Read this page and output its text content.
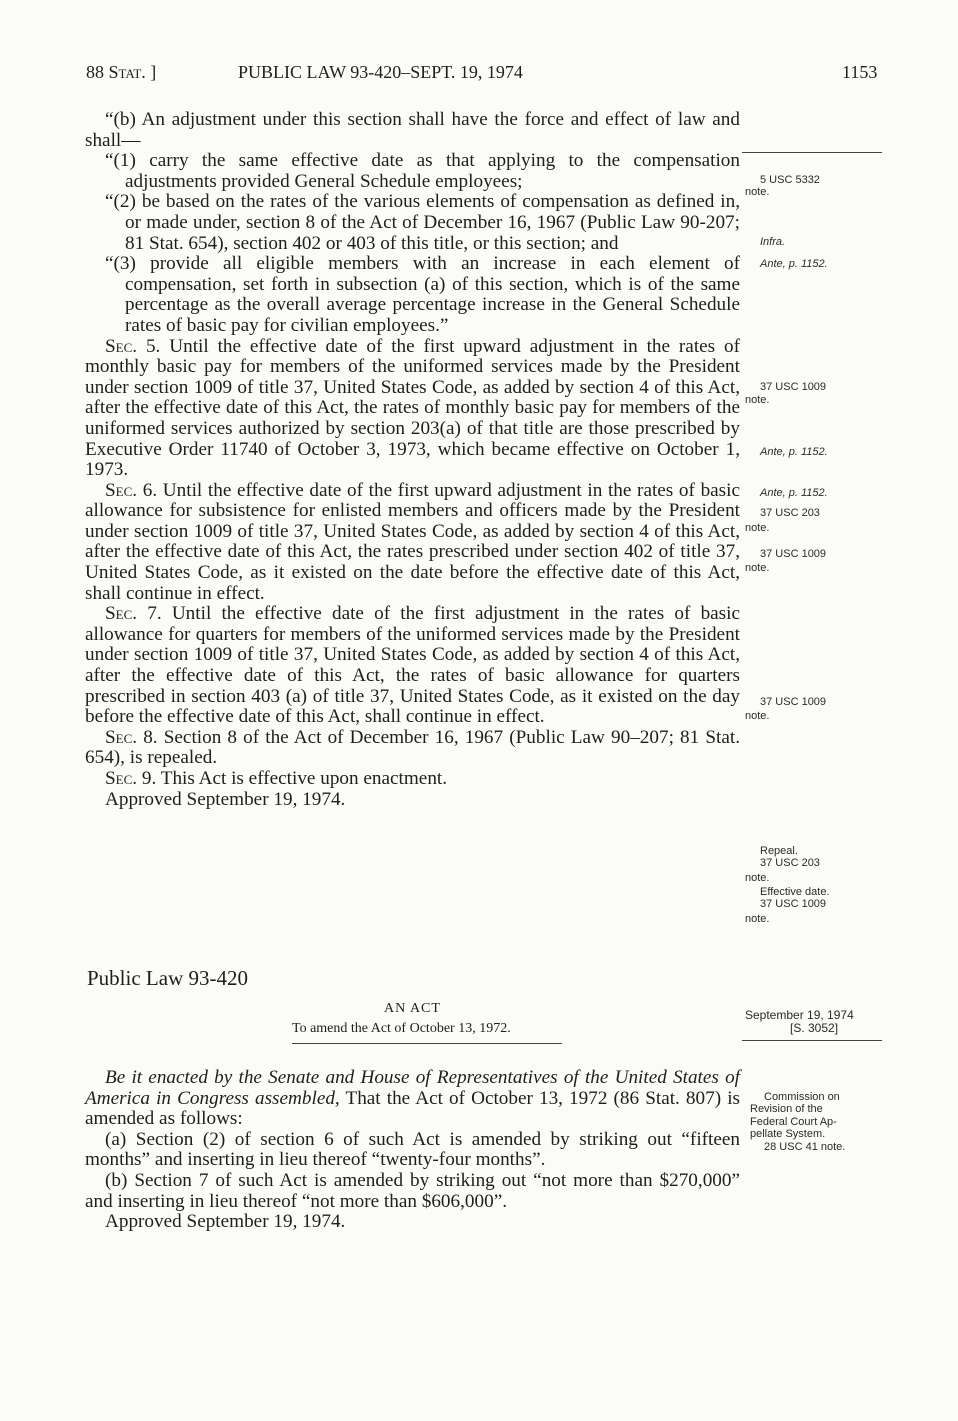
88 Stat. ]	PUBLIC LAW 93-420–SEPT. 19, 1974	1153

“(b) An adjustment under this section shall have the force and effect of law and shall—

“(1) carry the same effective date as that applying to the compensation adjustments provided General Schedule employees;

“(2) be based on the rates of the various elements of compensation as defined in, or made under, section 8 of the Act of December 16, 1967 (Public Law 90-207; 81 Stat. 654), section 402 or 403 of this title, or this section; and

“(3) provide all eligible members with an increase in each element of compensation, set forth in subsection (a) of this section, which is of the same percentage as the overall average percentage increase in the General Schedule rates of basic pay for civilian employees.”

Sec. 5. Until the effective date of the first upward adjustment in the rates of monthly basic pay for members of the uniformed services made by the President under section 1009 of title 37, United States Code, as added by section 4 of this Act, after the effective date of this Act, the rates of monthly basic pay for members of the uniformed services authorized by section 203(a) of that title are those prescribed by Executive Order 11740 of October 3, 1973, which became effective on October 1, 1973.

Sec. 6. Until the effective date of the first upward adjustment in the rates of basic allowance for subsistence for enlisted members and officers made by the President under section 1009 of title 37, United States Code, as added by section 4 of this Act, after the effective date of this Act, the rates prescribed under section 402 of title 37, United States Code, as it existed on the date before the effective date of this Act, shall continue in effect.

Sec. 7. Until the effective date of the first adjustment in the rates of basic allowance for quarters for members of the uniformed services made by the President under section 1009 of title 37, United States Code, as added by section 4 of this Act, after the effective date of this Act, the rates of basic allowance for quarters prescribed in section 403 (a) of title 37, United States Code, as it existed on the day before the effective date of this Act, shall continue in effect.

Sec. 8. Section 8 of the Act of December 16, 1967 (Public Law 90–207; 81 Stat. 654), is repealed.

Sec. 9. This Act is effective upon enactment.

Approved September 19, 1974.

Public Law 93-420
AN ACT
To amend the Act of October 13, 1972.

Be it enacted by the Senate and House of Representatives of the United States of America in Congress assembled, That the Act of October 13, 1972 (86 Stat. 807) is amended as follows:

(a) Section (2) of section 6 of such Act is amended by striking out “fifteen months” and inserting in lieu thereof “twenty-four months”.

(b) Section 7 of such Act is amended by striking out “not more than $270,000” and inserting in lieu thereof “not more than $606,000”.

Approved September 19, 1974.

5 USC 5332
note.
Infra.
Ante, p. 1152.
37 USC 1009
note.
Ante, p. 1152.
Ante, p. 1152.
37 USC 203
note.
37 USC 1009
note.
37 USC 1009
note.
Repeal.
37 USC 203
note.
Effective date.
37 USC 1009
note.
September 19, 1974
[S. 3052]
Commission on
Revision of the
Federal Court Ap-
pellate System.
28 USC 41 note.
